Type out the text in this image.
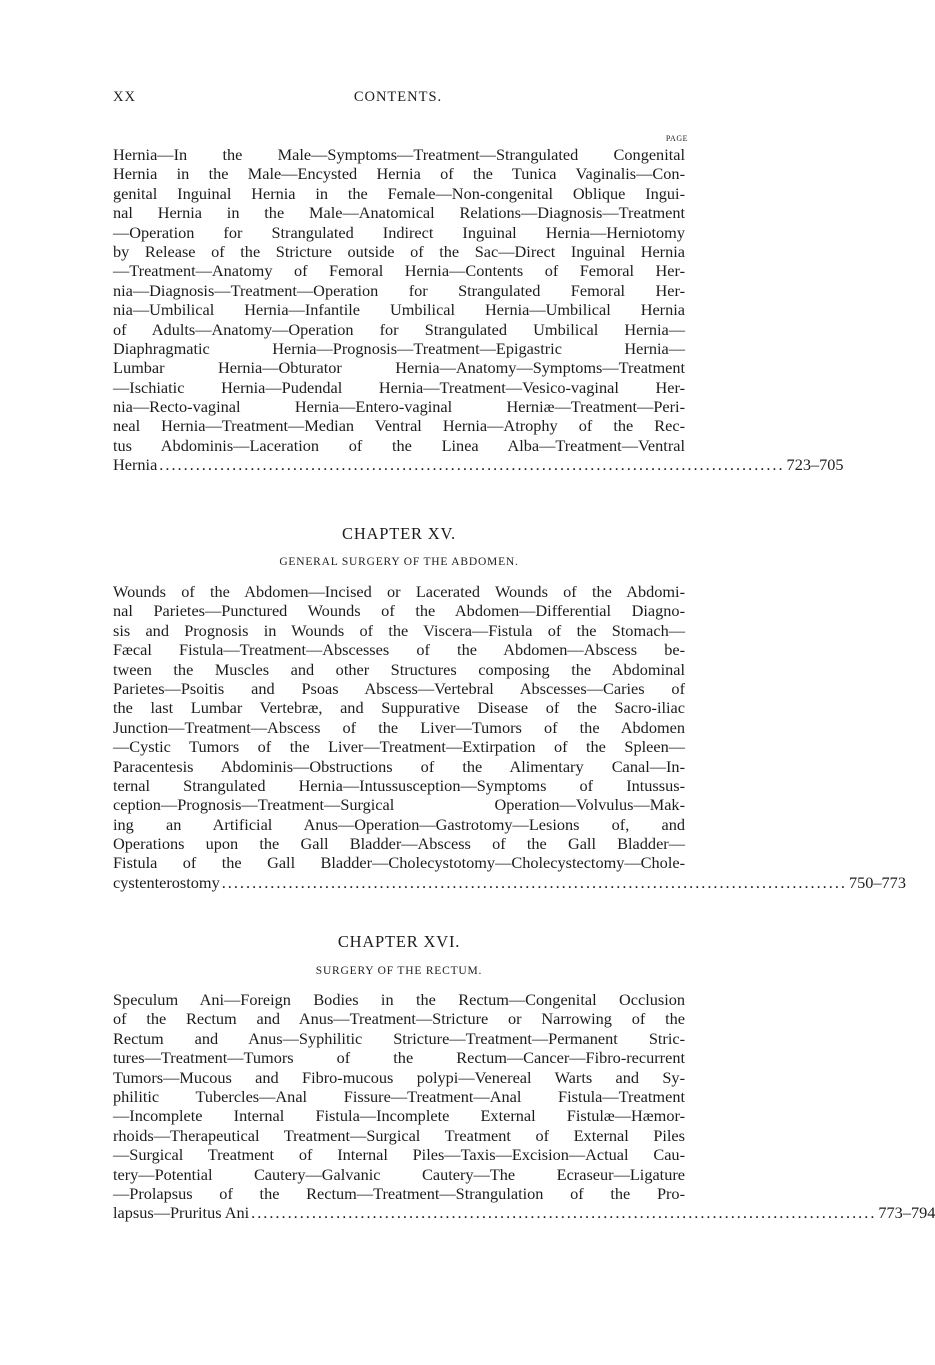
XX	CONTENTS.
PAGE
Hernia—In the Male—Symptoms—Treatment—Strangulated Congenital
Hernia in the Male—Encysted Hernia of the Tunica Vaginalis—Con-
genital Inguinal Hernia in the Female—Non-congenital Oblique Ingui-
nal Hernia in the Male—Anatomical Relations—Diagnosis—Treatment
—Operation for Strangulated Indirect Inguinal Hernia—Herniotomy
by Release of the Stricture outside of the Sac—Direct Inguinal Hernia
—Treatment—Anatomy of Femoral Hernia—Contents of Femoral Her-
nia—Diagnosis—Treatment—Operation for Strangulated Femoral Her-
nia—Umbilical Hernia—Infantile Umbilical Hernia—Umbilical Hernia
of Adults—Anatomy—Operation for Strangulated Umbilical Hernia—
Diaphragmatic Hernia—Prognosis—Treatment—Epigastric Hernia—
Lumbar Hernia—Obturator Hernia—Anatomy—Symptoms—Treatment
—Ischiatic Hernia—Pudendal Hernia—Treatment—Vesico-vaginal Her-
nia—Recto-vaginal Hernia—Entero-vaginal Herniæ—Treatment—Peri-
neal Hernia—Treatment—Median Ventral Hernia—Atrophy of the Rec-
tus Abdominis—Laceration of the Linea Alba—Treatment—Ventral
Hernia ....................................................................................................... 723–705
CHAPTER XV.
GENERAL SURGERY OF THE ABDOMEN.
Wounds of the Abdomen—Incised or Lacerated Wounds of the Abdomi-
nal Parietes—Punctured Wounds of the Abdomen—Differential Diagno-
sis and Prognosis in Wounds of the Viscera—Fistula of the Stomach—
Fæcal Fistula—Treatment—Abscesses of the Abdomen—Abscess be-
tween the Muscles and other Structures composing the Abdominal
Parietes—Psoitis and Psoas Abscess—Vertebral Abscesses—Caries of
the last Lumbar Vertebræ, and Suppurative Disease of the Sacro-iliac
Junction—Treatment—Abscess of the Liver—Tumors of the Abdomen
—Cystic Tumors of the Liver—Treatment—Extirpation of the Spleen—
Paracentesis Abdominis—Obstructions of the Alimentary Canal—In-
ternal Strangulated Hernia—Intussusception—Symptoms of Intussus-
ception—Prognosis—Treatment—Surgical Operation—Volvulus—Mak-
ing an Artificial Anus—Operation—Gastrotomy—Lesions of, and
Operations upon the Gall Bladder—Abscess of the Gall Bladder—
Fistula of the Gall Bladder—Cholecystotomy—Cholecystectomy—Chole-
cystenterostomy ....................................................................................................... 750–773
CHAPTER XVI.
SURGERY OF THE RECTUM.
Speculum Ani—Foreign Bodies in the Rectum—Congenital Occlusion
of the Rectum and Anus—Treatment—Stricture or Narrowing of the
Rectum and Anus—Syphilitic Stricture—Treatment—Permanent Stric-
tures—Treatment—Tumors of the Rectum—Cancer—Fibro-recurrent
Tumors—Mucous and Fibro-mucous polypi—Venereal Warts and Sy-
philitic Tubercles—Anal Fissure—Treatment—Anal Fistula—Treatment
—Incomplete Internal Fistula—Incomplete External Fistulæ—Hæmor-
rhoids—Therapeutical Treatment—Surgical Treatment of External Piles
—Surgical Treatment of Internal Piles—Taxis—Excision—Actual Cau-
tery—Potential Cautery—Galvanic Cautery—The Ecraseur—Ligature
—Prolapsus of the Rectum—Treatment—Strangulation of the Pro-
lapsus—Pruritus Ani ....................................................................................................... 773–794
